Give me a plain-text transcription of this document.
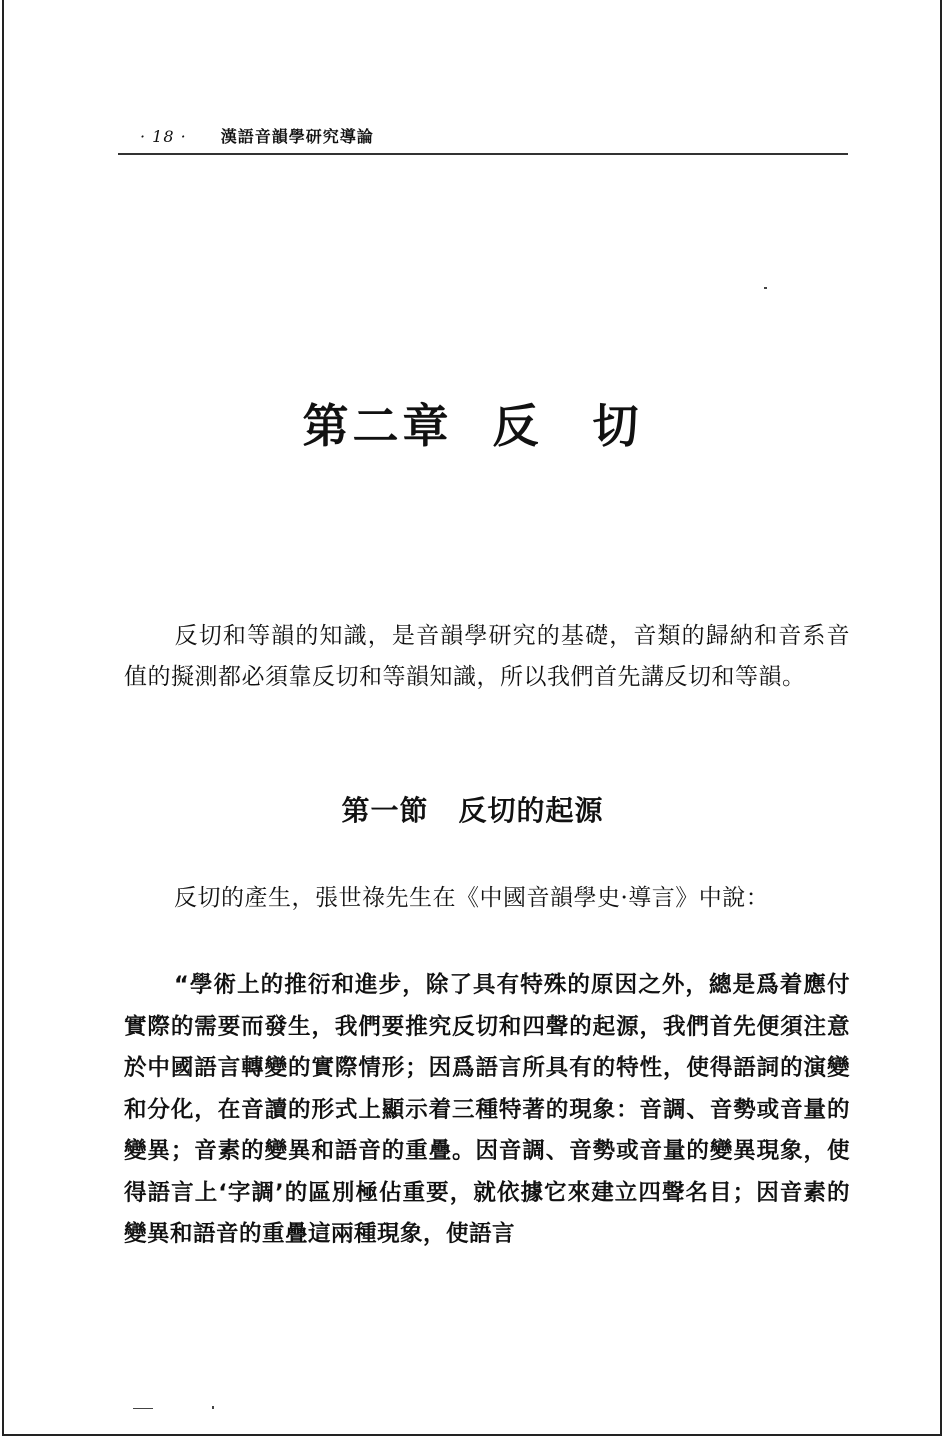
· 18 · 漢語音韻學研究導論
第二章 反 切
反切和等韻的知識，是音韻學研究的基礎，音類的歸納和音系音值的擬測都必須靠反切和等韻知識，所以我們首先講反切和等韻。
第一節 反切的起源
反切的產生，張世祿先生在《中國音韻學史·導言》中說：
“學術上的推衍和進步，除了具有特殊的原因之外，總是爲着應付實際的需要而發生，我們要推究反切和四聲的起源，我們首先便須注意於中國語言轉變的實際情形；因爲語言所具有的特性，使得語詞的演變和分化，在音讀的形式上顯示着三種特著的現象：音調、音勢或音量的變異；音素的變異和語音的重疊。因音調、音勢或音量的變異現象，使得語言上‘字調’的區別極佔重要，就依據它來建立四聲名目；因音素的變異和語音的重疊這兩種現象，使語言
